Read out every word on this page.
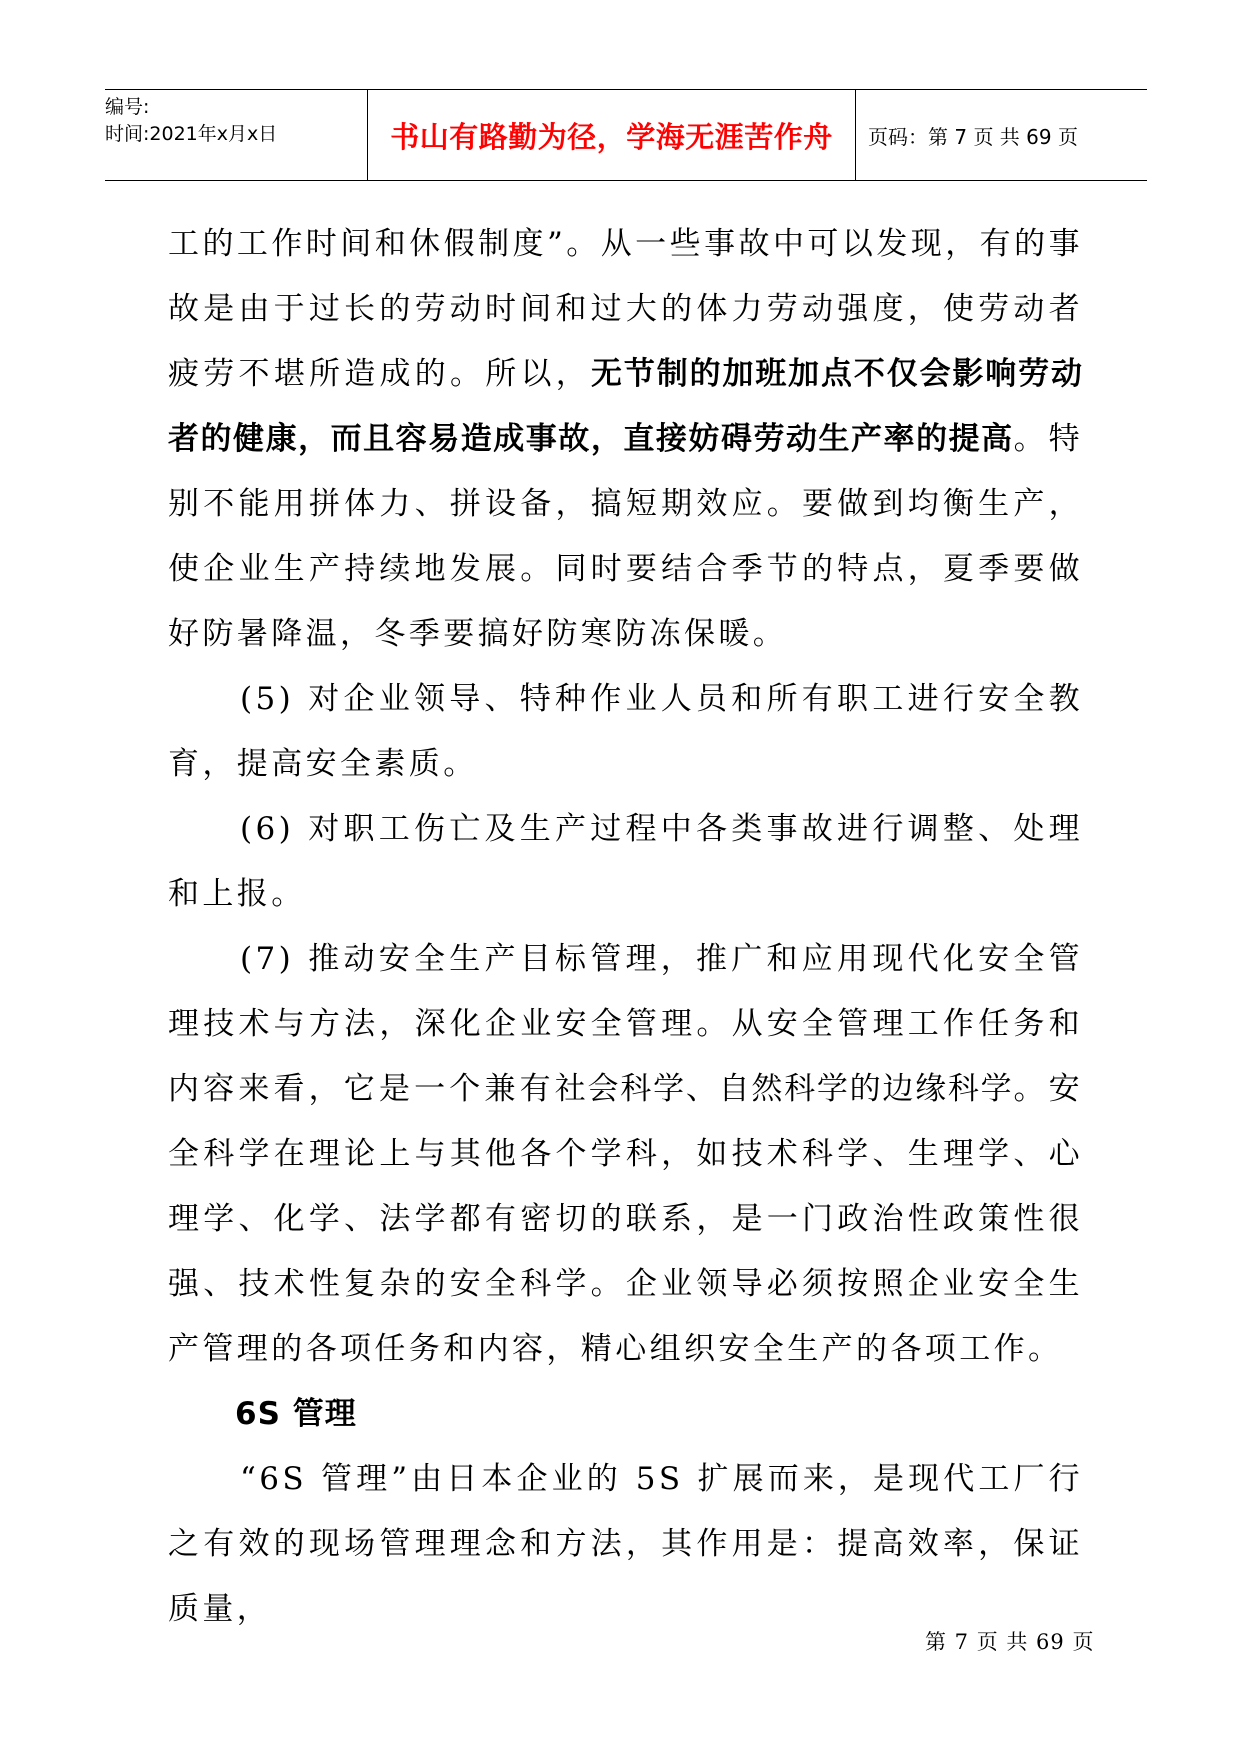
编号:
时间:2021年x月x日	书山有路勤为径，学海无涯苦作舟 页码：第 7 页 共 69 页

工的工作时间和休假制度”。从一些事故中可以发现，有的事故是由于过长的劳动时间和过大的体力劳动强度，使劳动者疲劳不堪所造成的。所以，无节制的加班加点不仅会影响劳动者的健康，而且容易造成事故，直接妨碍劳动生产率的提高。特别不能用拼体力、拼设备，搞短期效应。要做到均衡生产，使企业生产持续地发展。同时要结合季节的特点，夏季要做好防暑降温，冬季要搞好防寒防冻保暖。

(5) 对企业领导、特种作业人员和所有职工进行安全教育，提高安全素质。

(6) 对职工伤亡及生产过程中各类事故进行调整、处理和上报。

(7) 推动安全生产目标管理，推广和应用现代化安全管理技术与方法，深化企业安全管理。从安全管理工作任务和内容来看，它是一个兼有社会科学、自然科学的边缘科学。安全科学在理论上与其他各个学科，如技术科学、生理学、心理学、化学、法学都有密切的联系，是一门政治性政策性很强、技术性复杂的安全科学。企业领导必须按照企业安全生产管理的各项任务和内容，精心组织安全生产的各项工作。

6S 管理

“6S 管理”由日本企业的 5S 扩展而来，是现代工厂行之有效的现场管理理念和方法，其作用是：提高效率，保证质量，

第 7 页 共 69 页
